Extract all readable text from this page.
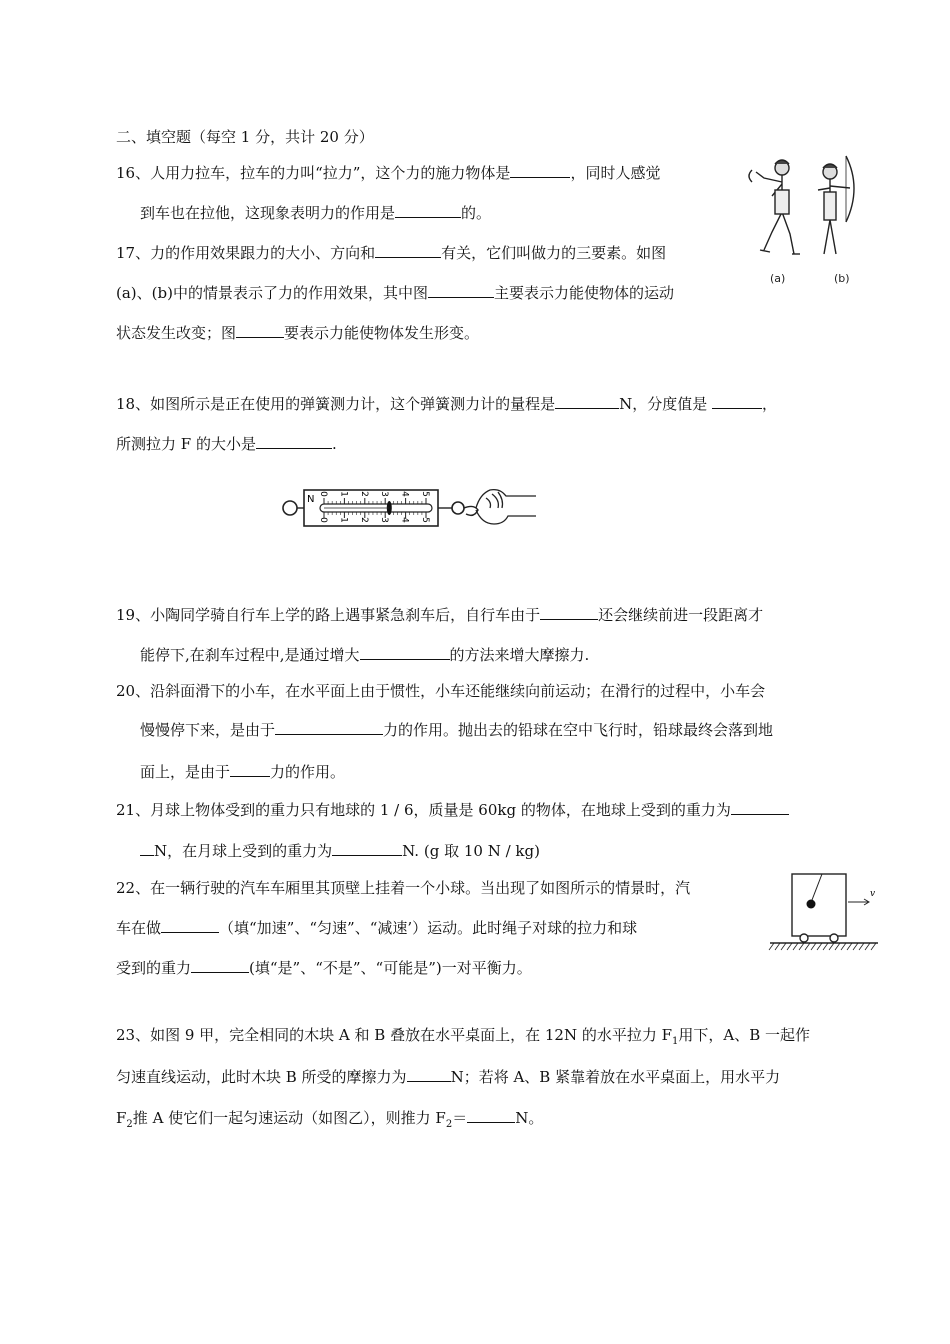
二、填空题（每空 1 分，共计 20 分）
16、人用力拉车，拉车的力叫“拉力”，这个力的施力物体是	，同时人感觉
到车也在拉他，这现象表明力的作用是	的。
(a)	(b)
17、力的作用效果跟力的大小、方向和	有关，它们叫做力的三要素。如图
(a)、(b)中的情景表示了力的作用效果，其中图	主要表示力能使物体的运动
状态发生改变；图	要表示力能使物体发生形变。
18、如图所示是正在使用的弹簧测力计，这个弹簧测力计的量程是	N，分度值是	，
所测拉力 F 的大小是	.
0
0
1
1
2
2
3
3
4
4
5
5
N
19、小陶同学骑自行车上学的路上遇事紧急刹车后，自行车由于	还会继续前进一段距离才
能停下,在刹车过程中,是通过增大	的方法来增大摩擦力.
20、沿斜面滑下的小车，在水平面上由于惯性，小车还能继续向前运动；在滑行的过程中，小车会
慢慢停下来，是由于	力的作用。抛出去的铅球在空中飞行时，铅球最终会落到地
面上，是由于	力的作用。
21、月球上物体受到的重力只有地球的 1 / 6，质量是 60kg 的物体，在地球上受到的重力为
N，在月球上受到的重力为	N. (g 取 10 N / kg)
22、在一辆行驶的汽车车厢里其顶壁上挂着一个小球。当出现了如图所示的情景时，汽
车在做	（填“加速”、“匀速”、“减速’）运动。此时绳子对球的拉力和球
受到的重力	(填“是”、“不是”、“可能是”)一对平衡力。
v
23、如图 9 甲，完全相同的木块 A 和 B 叠放在水平桌面上，在 12N 的水平拉力 $F_1$用下，A、B 一起作
匀速直线运动，此时木块 B 所受的摩擦力为	N；若将 A、B 紧靠着放在水平桌面上，用水平力
$F_2$推 A 使它们一起匀速运动（如图乙），则推力 $F_2=$	N。
